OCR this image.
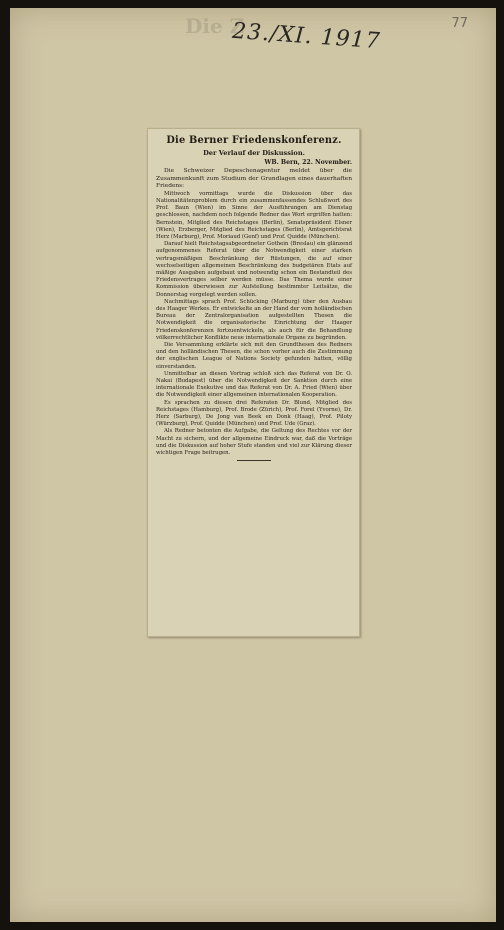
Die Z	77
23./XI. 1917
Die Berner Friedenskonferenz.
Der Verlauf der Diskussion.
WB. Bern, 22. November.

Die Schweizer Depeschenagentur meldet über die Zusammenkunft zum Studium der Grundlagen eines dauerhaften Friedens:

Mittwoch vormittags wurde die Diskussion über das Nationalitätenproblem durch ein zusammenfassendes Schlußwort des Prof. Baun (Wien) im Sinne der Ausführungen am Dienstag geschlossen, nachdem noch folgende Redner das Wort ergriffen hatten: Bernstein, Mitglied des Reichstages (Berlin), Senatspräsident Elsner (Wien), Erzberger, Mitglied des Reichstages (Berlin), Amtsgerichtsrat Herz (Marburg), Prof. Moriaud (Genf) und Prof. Quidde (München).

Darauf hielt Reichstagsabgeordneter Gothein (Breslau) ein glänzend aufgenommenes Referat über die Notwendigkeit einer starken vertragsmäßigen Beschränkung der Rüstungen, die auf einer wechselseitigen allgemeinen Beschränkung des budgetären Etats auf mäßige Ausgaben aufgebaut und notwendig schon ein Bestandteil des Friedensvertrages selber werden müsse. Das Thema wurde einer Kommission überwiesen zur Aufstellung bestimmter Leitsätze, die Donnerstag vorgelegt werden sollen.

Nachmittags sprach Prof. Schücking (Marburg) über den Ausbau des Haager Werkes. Er entwickelte an der Hand der vom holländischen Bureau der Zentralorganisation aufgestellten Thesen die Notwendigkeit die organisatorische Einrichtung der Haager Friedenskonferenzen fortzuentwickeln, als auch für die Behandlung völkerrechtlicher Konflikte neue internationale Organe zu begründen.

Die Versammlung erklärte sich mit den Grundthesen des Redners und den holländischen Thesen, die schon vorher auch die Zustimmung der englischen League of Nations Society gefunden hatten, völlig einverstanden.

Unmittelbar an diesen Vortrag schloß sich das Referat von Dr. O. Nakai (Budapest) über die Notwendigkeit der Sanktion durch eine internationale Exekutive und das Referat von Dr. A. Fried (Wien) über die Notwendigkeit einer allgemeinen internationalen Kooperation.

Es sprachen zu diesen drei Referaten Dr. Blund, Mitglied des Reichstages (Hamburg), Prof. Brode (Zürich), Prof. Forel (Yvorne), Dr. Herz (Sarburg), De Jong van Beek en Donk (Haag), Prof. Piloty (Würzburg), Prof. Quidde (München) und Prof. Ude (Graz).

Als Redner betonten die Aufgabe, die Geltung des Rechtes vor der Macht zu sichern, und der allgemeine Eindruck war, daß die Vorträge und die Diskussion auf hoher Stufe standen und viel zur Klärung dieser wichtigen Frage beitrugen.
